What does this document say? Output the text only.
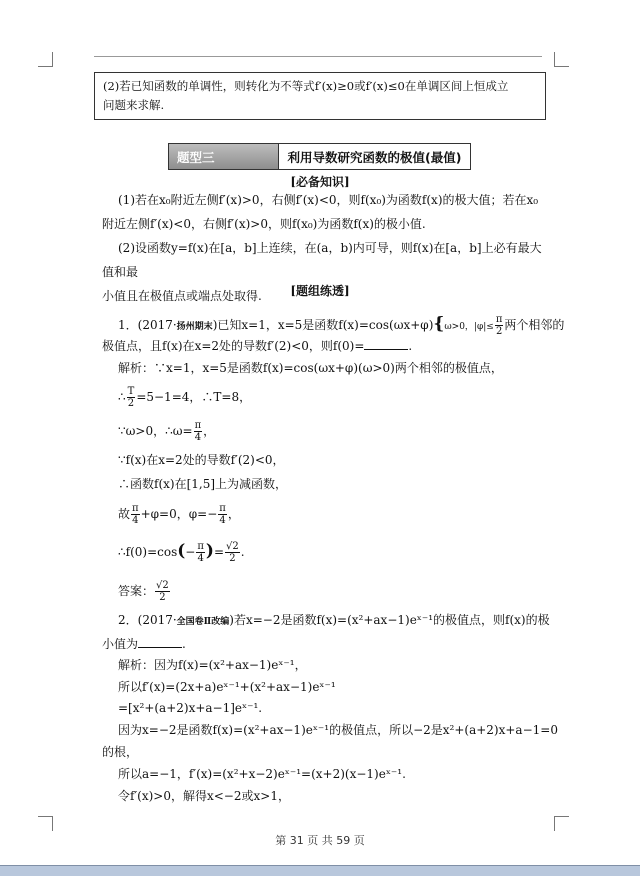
(2)若已知函数的单调性，则转化为不等式f′(x)≥0或f′(x)≤0在单调区间上恒成立
问题来求解.
题型三	利用导数研究函数的极值(最值)
[必备知识]
(1)若在x₀附近左侧f′(x)>0，右侧f′(x)<0，则f(x₀)为函数f(x)的极大值；若在x₀
附近左侧f′(x)<0，右侧f′(x)>0，则f(x₀)为函数f(x)的极小值.
(2)设函数y=f(x)在[a，b]上连续，在(a，b)内可导，则f(x)在[a，b]上必有最大值和最
小值且在极值点或端点处取得.	[题组练透]
1．(2017·扬州期末)已知x=1，x=5是函数f(x)=cos(ωx+φ){ω>0，$|\varphi|\le \frac{\pi}{2}$ 两个相邻的
极值点，且f(x)在x=2处的导数f′(2)<0，则f(0)=	.
解析：∵x=1，x=5是函数f(x)=cos(ωx+φ)(ω>0)两个相邻的极值点，
∴ $\frac{T}{2} =5-1=4$，∴T=8，
∵ω>0，∴ω= $\frac{\pi}{4}$ ，
∵f(x)在x=2处的导数f′(2)<0，
∴函数f(x)在[1,5]上为减函数，
故 $\frac{\pi}{4} +\varphi=0$，$\varphi=- \frac{\pi}{4}$ ，
∴f(0)=cos(− $\frac{\pi}{4}$ )= $\frac{√2}{2}$ .
答案： $\frac{√2}{2}$
2．(2017·全国卷Ⅱ改编)若x=−2是函数f(x)=(x²+ax−1)eˣ⁻¹的极值点，则f(x)的极
小值为	.
解析：因为f(x)=(x²+ax−1)eˣ⁻¹，
所以f′(x)=(2x+a)eˣ⁻¹+(x²+ax−1)eˣ⁻¹
=[x²+(a+2)x+a−1]eˣ⁻¹.
因为x=−2是函数f(x)=(x²+ax−1)eˣ⁻¹的极值点，所以−2是x²+(a+2)x+a−1=0
的根，
所以a=−1，f′(x)=(x²+x−2)eˣ⁻¹=(x+2)(x−1)eˣ⁻¹.
令f′(x)>0，解得x<−2或x>1，
第 31 页 共 59 页
